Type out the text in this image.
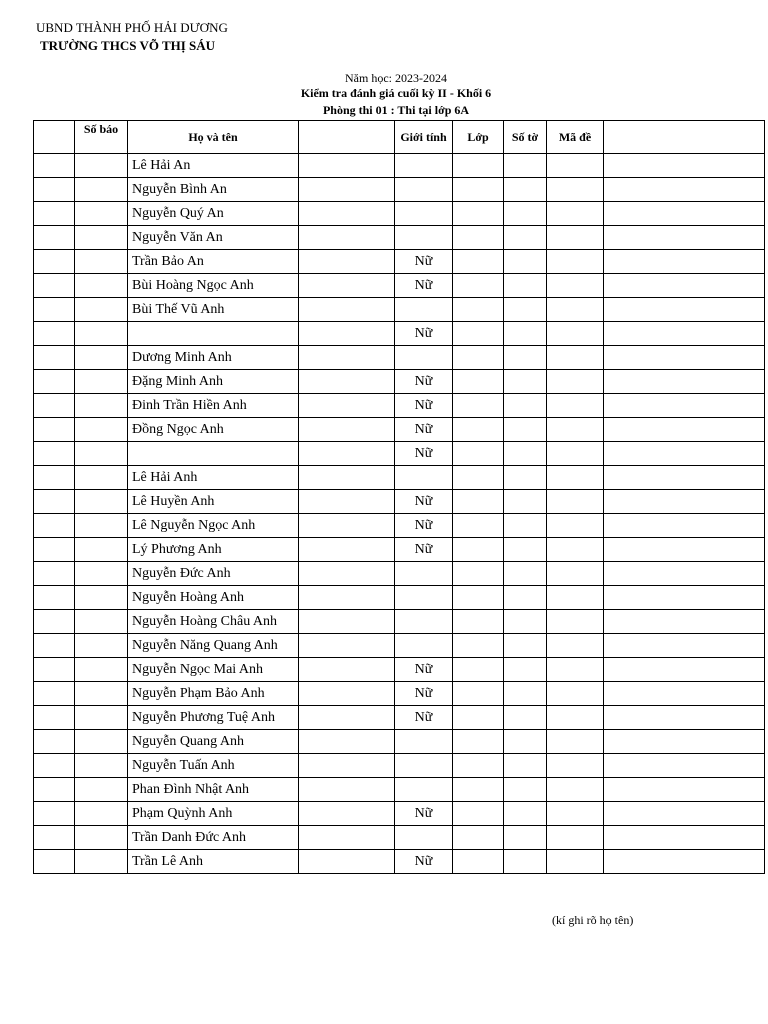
UBND THÀNH PHỐ HẢI DƯƠNG
TRƯỜNG THCS VÕ THỊ SÁU
Năm học: 2023-2024
Kiểm tra đánh giá cuối kỳ II - Khối 6
Phòng thi 01 : Thi tại lớp 6A
	Số báo	Họ và tên		Giới tính	Lớp	Số tờ	Mã đề	
		Lê Hải An						
		Nguyễn Bình An						
		Nguyễn Quý An						
		Nguyễn Văn An						
		Trần Bảo An		Nữ				
		Bùi Hoàng Ngọc Anh		Nữ				
		Bùi Thế Vũ Anh						
				Nữ				
		Dương Minh Anh						
		Đặng Minh Anh		Nữ				
		Đinh Trần Hiền Anh		Nữ				
		Đồng Ngọc Anh		Nữ				
				Nữ				
		Lê Hải Anh						
		Lê Huyền Anh		Nữ				
		Lê Nguyễn Ngọc Anh		Nữ				
		Lý Phương Anh		Nữ				
		Nguyễn Đức Anh						
		Nguyễn Hoàng Anh						
		Nguyễn Hoàng Châu Anh						
		Nguyễn Năng Quang Anh						
		Nguyễn Ngọc Mai Anh		Nữ				
		Nguyễn Phạm Bảo Anh		Nữ				
		Nguyễn Phương Tuệ Anh		Nữ				
		Nguyễn Quang Anh						
		Nguyễn Tuấn Anh						
		Phan Đình Nhật Anh						
		Phạm Quỳnh Anh		Nữ				
		Trần Danh Đức Anh						
		Trần Lê Anh		Nữ				
(kí ghi rõ họ tên)
